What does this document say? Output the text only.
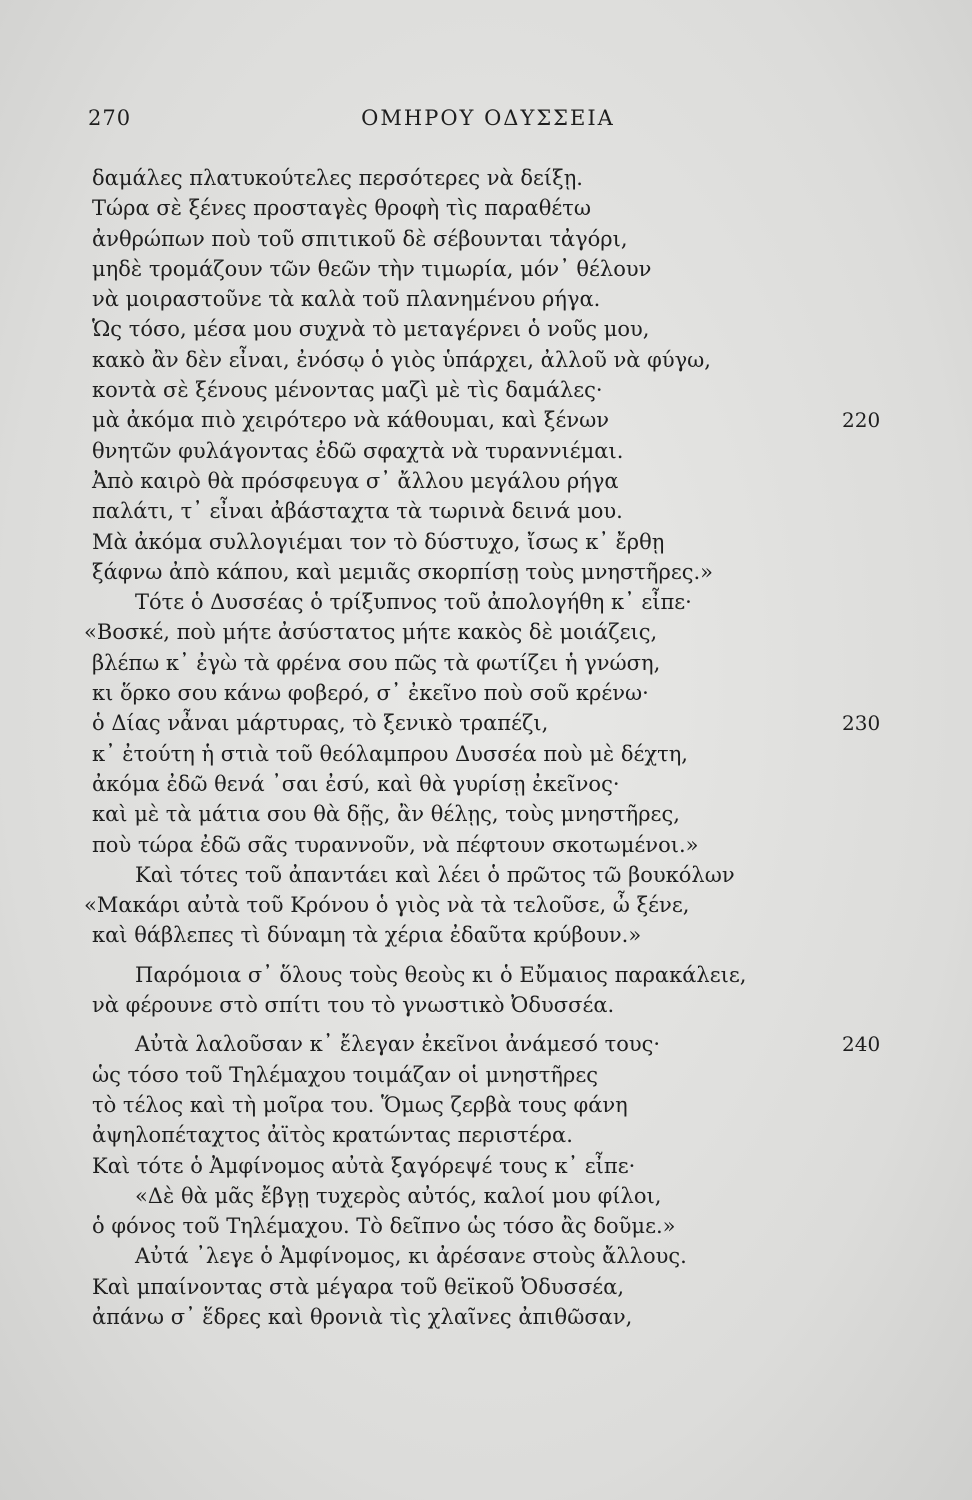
270	ΟΜΗΡΟΥ ΟΔΥΣΣΕΙΑ
δαμάλες πλατυκούτελες περσότερες νὰ δείξῃ.
Τώρα σὲ ξένες προσταγὲς θροφὴ τὶς παραθέτω
ἀνθρώπων ποὺ τοῦ σπιτικοῦ δὲ σέβουνται τἀγόρι,
μηδὲ τρομάζουν τῶν θεῶν τὴν τιμωρία, μόν᾽ θέλουν
νὰ μοιραστοῦνε τὰ καλὰ τοῦ πλανημένου ρήγα.
Ὡς τόσο, μέσα μου συχνὰ τὸ μεταγέρνει ὁ νοῦς μου,
κακὸ ἂν δὲν εἶναι, ἐνόσῳ ὁ γιὸς ὑπάρχει, ἀλλοῦ νὰ φύγω,
κοντὰ σὲ ξένους μένοντας μαζὶ μὲ τὶς δαμάλες·
μὰ ἀκόμα πιὸ χειρότερο νὰ κάθουμαι, καὶ ξένων	220
θνητῶν φυλάγοντας ἐδῶ σφαχτὰ νὰ τυραννιέμαι.
Ἀπὸ καιρὸ θὰ πρόσφευγα σ᾽ ἄλλου μεγάλου ρήγα
παλάτι, τ᾽ εἶναι ἀβάσταχτα τὰ τωρινὰ δεινά μου.
Μὰ ἀκόμα συλλογιέμαι τον τὸ δύστυχο, ἴσως κ᾽ ἔρθῃ
ξάφνω ἀπὸ κάπου, καὶ μεμιᾶς σκορπίσῃ τοὺς μνηστῆρες.»
Τότε ὁ Δυσσέας ὁ τρίξυπνος τοῦ ἀπολογήθη κ᾽ εἶπε·
«Βοσκέ, ποὺ μήτε ἀσύστατος μήτε κακὸς δὲ μοιάζεις,
βλέπω κ᾽ ἐγὼ τὰ φρένα σου πῶς τὰ φωτίζει ἡ γνώση,
κι ὅρκο σου κάνω φοβερό, σ᾽ ἐκεῖνο ποὺ σοῦ κρένω·
ὁ Δίας νἆναι μάρτυρας, τὸ ξενικὸ τραπέζι,	230
κ᾽ ἐτούτη ἡ στιὰ τοῦ θεόλαμπρου Δυσσέα ποὺ μὲ δέχτη,
ἀκόμα ἐδῶ θενά ᾽σαι ἐσύ, καὶ θὰ γυρίσῃ ἐκεῖνος·
καὶ μὲ τὰ μάτια σου θὰ δῇς, ἂν θέλῃς, τοὺς μνηστῆρες,
ποὺ τώρα ἐδῶ σᾶς τυραννοῦν, νὰ πέφτουν σκοτωμένοι.»
Καὶ τότες τοῦ ἀπαντάει καὶ λέει ὁ πρῶτος τῶ βουκόλων
«Μακάρι αὐτὰ τοῦ Κρόνου ὁ γιὸς νὰ τὰ τελοῦσε, ὦ ξένε,
καὶ θάβλεπες τὶ δύναμη τὰ χέρια ἐδαῦτα κρύβουν.»
Παρόμοια σ᾽ ὅλους τοὺς θεοὺς κι ὁ Εὔμαιος παρακάλειε,
νὰ φέρουνε στὸ σπίτι του τὸ γνωστικὸ Ὀδυσσέα.
Αὐτὰ λαλοῦσαν κ᾽ ἔλεγαν ἐκεῖνοι ἀνάμεσό τους·	240
ὡς τόσο τοῦ Τηλέμαχου τοιμάζαν οἱ μνηστῆρες
τὸ τέλος καὶ τὴ μοῖρα του. Ὅμως ζερβὰ τους φάνη
ἀψηλοπέταχτος ἀϊτὸς κρατώντας περιστέρα.
Καὶ τότε ὁ Ἀμφίνομος αὐτὰ ξαγόρεψέ τους κ᾽ εἶπε·
«Δὲ θὰ μᾶς ἔβγῃ τυχερὸς αὐτός, καλοί μου φίλοι,
ὁ φόνος τοῦ Τηλέμαχου. Τὸ δεῖπνο ὡς τόσο ἂς δοῦμε.»
Αὐτά ᾽λεγε ὁ Ἀμφίνομος, κι ἀρέσανε στοὺς ἄλλους.
Καὶ μπαίνοντας στὰ μέγαρα τοῦ θεϊκοῦ Ὀδυσσέα,
ἀπάνω σ᾽ ἕδρες καὶ θρονιὰ τὶς χλαῖνες ἀπιθῶσαν,
